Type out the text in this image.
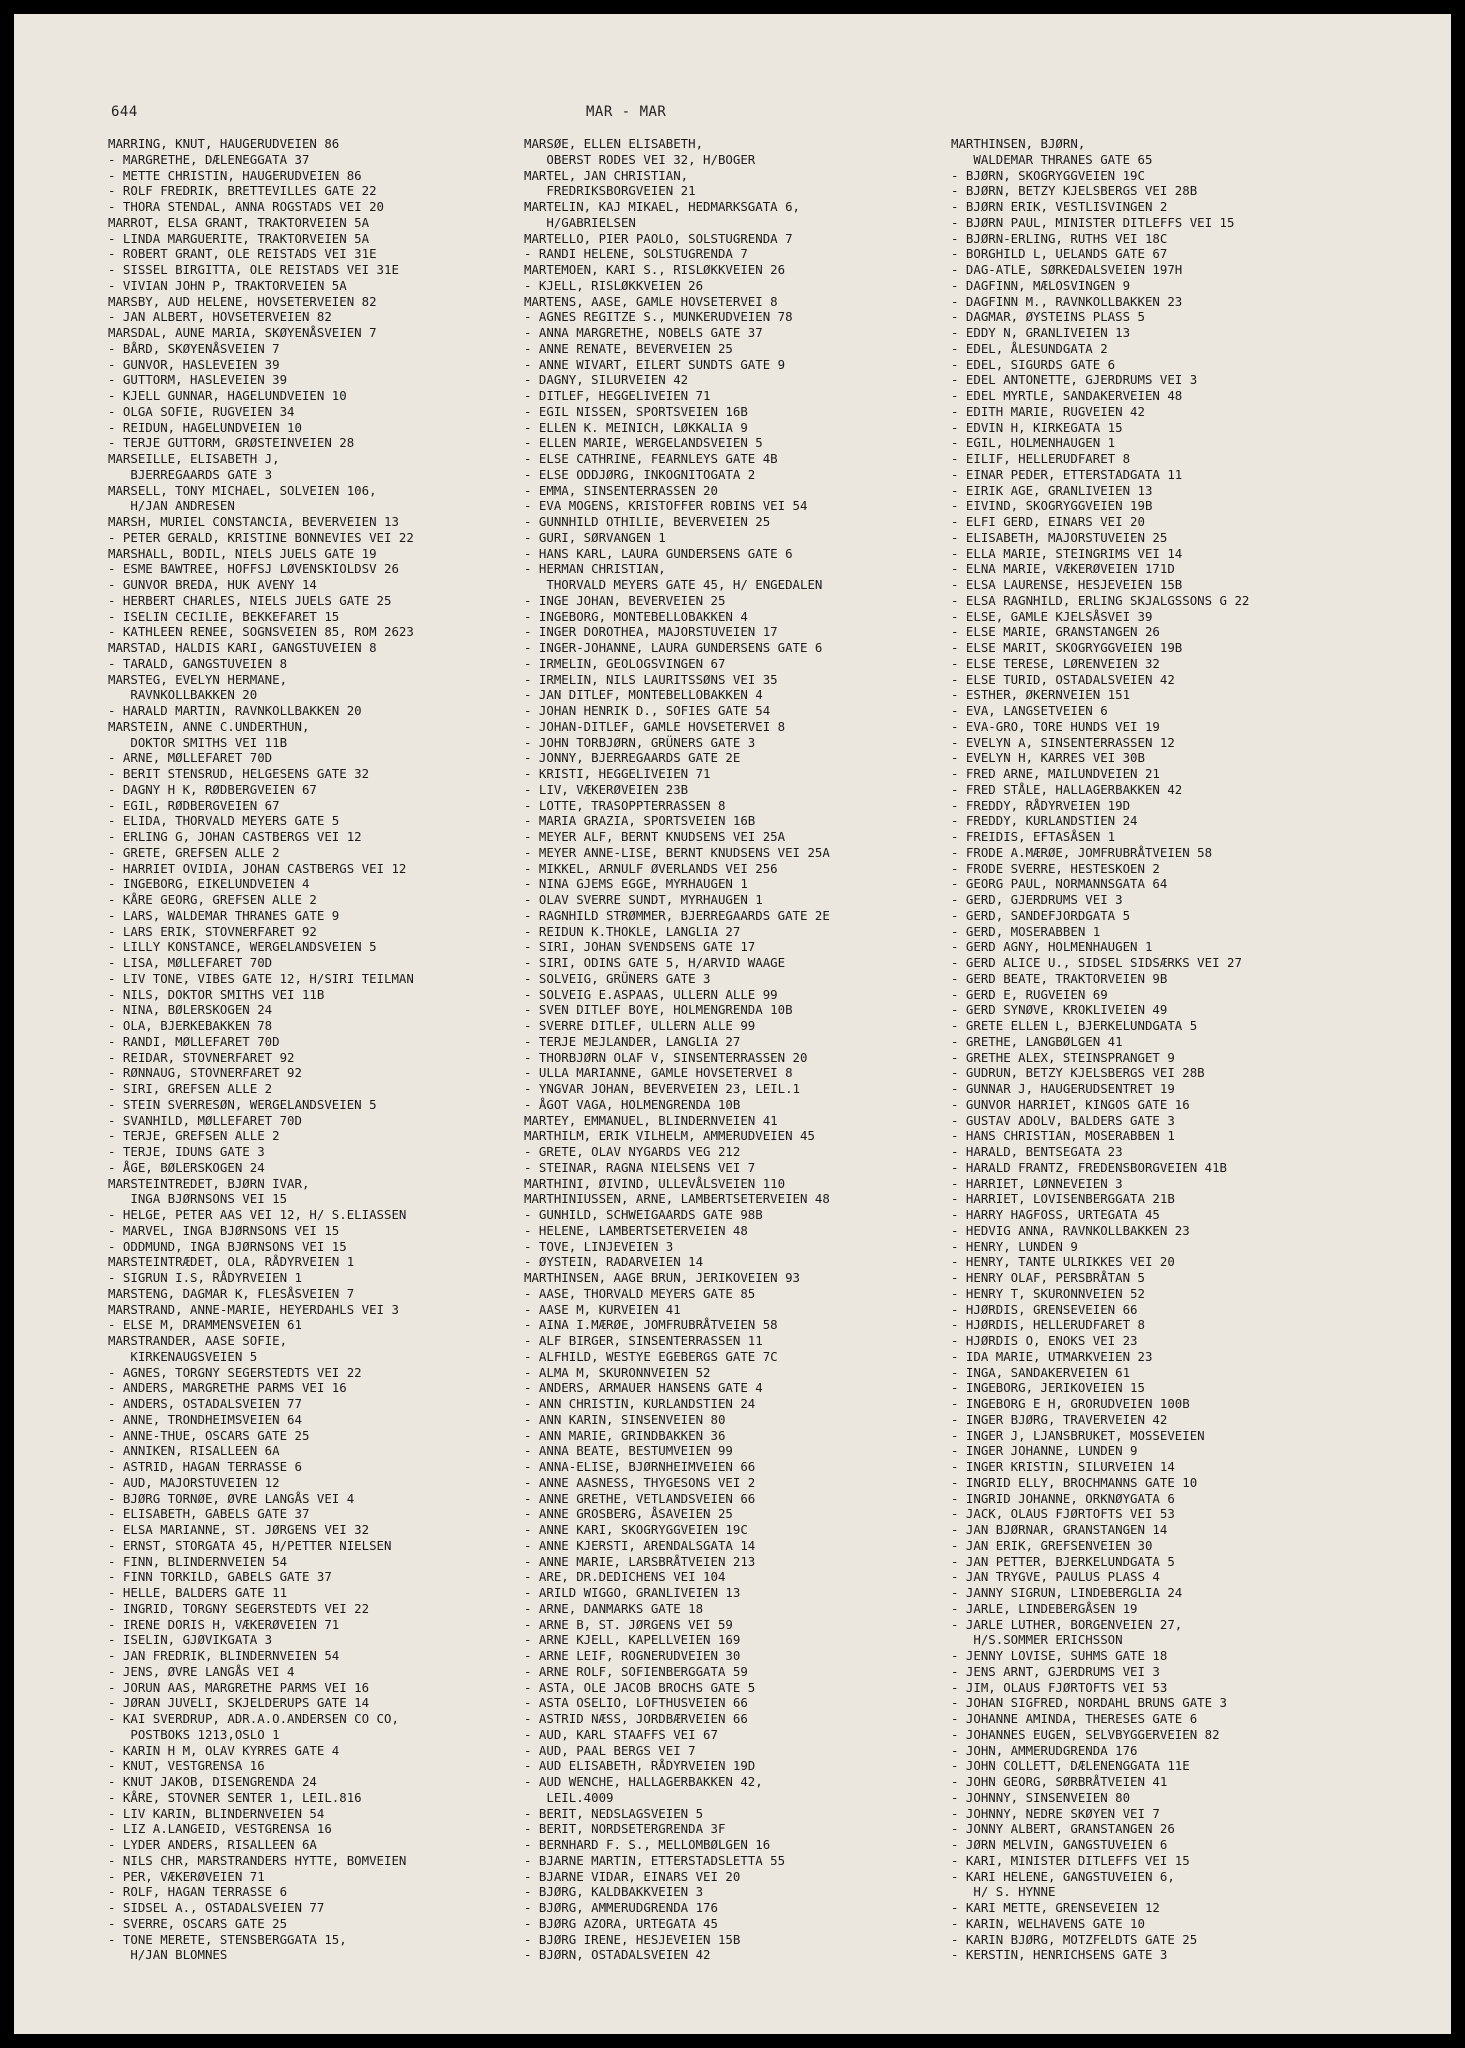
644	MAR - MAR
MARRING, KNUT, HAUGERUDVEIEN 86
- MARGRETHE, DÆLENEGGATA 37
- METTE CHRISTIN, HAUGERUDVEIEN 86
- ROLF FREDRIK, BRETTEVILLES GATE 22
- THORA STENDAL, ANNA ROGSTADS VEI 20
MARROT, ELSA GRANT, TRAKTORVEIEN 5A
- LINDA MARGUERITE, TRAKTORVEIEN 5A
- ROBERT GRANT, OLE REISTADS VEI 31E
- SISSEL BIRGITTA, OLE REISTADS VEI 31E
- VIVIAN JOHN P, TRAKTORVEIEN 5A
MARSBY, AUD HELENE, HOVSETERVEIEN 82
- JAN ALBERT, HOVSETERVEIEN 82
MARSDAL, AUNE MARIA, SKØYENÅSVEIEN 7
- BÅRD, SKØYENÅSVEIEN 7
- GUNVOR, HASLEVEIEN 39
- GUTTORM, HASLEVEIEN 39
- KJELL GUNNAR, HAGELUNDVEIEN 10
- OLGA SOFIE, RUGVEIEN 34
- REIDUN, HAGELUNDVEIEN 10
- TERJE GUTTORM, GRØSTEINVEIEN 28
MARSEILLE, ELISABETH J,
BJERREGAARDS GATE 3
MARSELL, TONY MICHAEL, SOLVEIEN 106,
H/JAN ANDRESEN
MARSH, MURIEL CONSTANCIA, BEVERVEIEN 13
- PETER GERALD, KRISTINE BONNEVIES VEI 22
MARSHALL, BODIL, NIELS JUELS GATE 19
- ESME BAWTREE, HOFFSJ LØVENSKIOLDSV 26
- GUNVOR BREDA, HUK AVENY 14
- HERBERT CHARLES, NIELS JUELS GATE 25
- ISELIN CECILIE, BEKKEFARET 15
- KATHLEEN RENEE, SOGNSVEIEN 85, ROM 2623
MARSTAD, HALDIS KARI, GANGSTUVEIEN 8
- TARALD, GANGSTUVEIEN 8
MARSTEG, EVELYN HERMANE,
RAVNKOLLBAKKEN 20
- HARALD MARTIN, RAVNKOLLBAKKEN 20
MARSTEIN, ANNE C.UNDERTHUN,
DOKTOR SMITHS VEI 11B
- ARNE, MØLLEFARET 70D
- BERIT STENSRUD, HELGESENS GATE 32
- DAGNY H K, RØDBERGVEIEN 67
- EGIL, RØDBERGVEIEN 67
- ELIDA, THORVALD MEYERS GATE 5
- ERLING G, JOHAN CASTBERGS VEI 12
- GRETE, GREFSEN ALLE 2
- HARRIET OVIDIA, JOHAN CASTBERGS VEI 12
- INGEBORG, EIKELUNDVEIEN 4
- KÅRE GEORG, GREFSEN ALLE 2
- LARS, WALDEMAR THRANES GATE 9
- LARS ERIK, STOVNERFARET 92
- LILLY KONSTANCE, WERGELANDSVEIEN 5
- LISA, MØLLEFARET 70D
- LIV TONE, VIBES GATE 12, H/SIRI TEILMAN
- NILS, DOKTOR SMITHS VEI 11B
- NINA, BØLERSKOGEN 24
- OLA, BJERKEBAKKEN 78
- RANDI, MØLLEFARET 70D
- REIDAR, STOVNERFARET 92
- RØNNAUG, STOVNERFARET 92
- SIRI, GREFSEN ALLE 2
- STEIN SVERRESØN, WERGELANDSVEIEN 5
- SVANHILD, MØLLEFARET 70D
- TERJE, GREFSEN ALLE 2
- TERJE, IDUNS GATE 3
- ÅGE, BØLERSKOGEN 24
MARSTEINTREDET, BJØRN IVAR,
INGA BJØRNSONS VEI 15
- HELGE, PETER AAS VEI 12, H/ S.ELIASSEN
- MARVEL, INGA BJØRNSONS VEI 15
- ODDMUND, INGA BJØRNSONS VEI 15
MARSTEINTRÆDET, OLA, RÅDYRVEIEN 1
- SIGRUN I.S, RÅDYRVEIEN 1
MARSTENG, DAGMAR K, FLESÅSVEIEN 7
MARSTRAND, ANNE-MARIE, HEYERDAHLS VEI 3
- ELSE M, DRAMMENSVEIEN 61
MARSTRANDER, AASE SOFIE,
KIRKENAUGSVEIEN 5
- AGNES, TORGNY SEGERSTEDTS VEI 22
- ANDERS, MARGRETHE PARMS VEI 16
- ANDERS, OSTADALSVEIEN 77
- ANNE, TRONDHEIMSVEIEN 64
- ANNE-THUE, OSCARS GATE 25
- ANNIKEN, RISALLEEN 6A
- ASTRID, HAGAN TERRASSE 6
- AUD, MAJORSTUVEIEN 12
- BJØRG TORNØE, ØVRE LANGÅS VEI 4
- ELISABETH, GABELS GATE 37
- ELSA MARIANNE, ST. JØRGENS VEI 32
- ERNST, STORGATA 45, H/PETTER NIELSEN
- FINN, BLINDERNVEIEN 54
- FINN TORKILD, GABELS GATE 37
- HELLE, BALDERS GATE 11
- INGRID, TORGNY SEGERSTEDTS VEI 22
- IRENE DORIS H, VÆKERØVEIEN 71
- ISELIN, GJØVIKGATA 3
- JAN FREDRIK, BLINDERNVEIEN 54
- JENS, ØVRE LANGÅS VEI 4
- JORUN AAS, MARGRETHE PARMS VEI 16
- JØRAN JUVELI, SKJELDERUPS GATE 14
- KAI SVERDRUP, ADR.A.O.ANDERSEN CO CO,
POSTBOKS 1213,OSLO 1
- KARIN H M, OLAV KYRRES GATE 4
- KNUT, VESTGRENSA 16
- KNUT JAKOB, DISENGRENDA 24
- KÅRE, STOVNER SENTER 1, LEIL.816
- LIV KARIN, BLINDERNVEIEN 54
- LIZ A.LANGEID, VESTGRENSA 16
- LYDER ANDERS, RISALLEEN 6A
- NILS CHR, MARSTRANDERS HYTTE, BOMVEIEN
- PER, VÆKERØVEIEN 71
- ROLF, HAGAN TERRASSE 6
- SIDSEL A., OSTADALSVEIEN 77
- SVERRE, OSCARS GATE 25
- TONE MERETE, STENSBERGGATA 15,
H/JAN BLOMNES
MARSØE, ELLEN ELISABETH,
OBERST RODES VEI 32, H/BOGER
MARTEL, JAN CHRISTIAN,
FREDRIKSBORGVEIEN 21
MARTELIN, KAJ MIKAEL, HEDMARKSGATA 6,
H/GABRIELSEN
MARTELLO, PIER PAOLO, SOLSTUGRENDA 7
- RANDI HELENE, SOLSTUGRENDA 7
MARTEMOEN, KARI S., RISLØKKVEIEN 26
- KJELL, RISLØKKVEIEN 26
MARTENS, AASE, GAMLE HOVSETERVEI 8
- AGNES REGITZE S., MUNKERUDVEIEN 78
- ANNA MARGRETHE, NOBELS GATE 37
- ANNE RENATE, BEVERVEIEN 25
- ANNE WIVART, EILERT SUNDTS GATE 9
- DAGNY, SILURVEIEN 42
- DITLEF, HEGGELIVEIEN 71
- EGIL NISSEN, SPORTSVEIEN 16B
- ELLEN K. MEINICH, LØKKALIA 9
- ELLEN MARIE, WERGELANDSVEIEN 5
- ELSE CATHRINE, FEARNLEYS GATE 4B
- ELSE ODDJØRG, INKOGNITOGATA 2
- EMMA, SINSENTERRASSEN 20
- EVA MOGENS, KRISTOFFER ROBINS VEI 54
- GUNNHILD OTHILIE, BEVERVEIEN 25
- GURI, SØRVANGEN 1
- HANS KARL, LAURA GUNDERSENS GATE 6
- HERMAN CHRISTIAN,
THORVALD MEYERS GATE 45, H/ ENGEDALEN
- INGE JOHAN, BEVERVEIEN 25
- INGEBORG, MONTEBELLOBAKKEN 4
- INGER DOROTHEA, MAJORSTUVEIEN 17
- INGER-JOHANNE, LAURA GUNDERSENS GATE 6
- IRMELIN, GEOLOGSVINGEN 67
- IRMELIN, NILS LAURITSSØNS VEI 35
- JAN DITLEF, MONTEBELLOBAKKEN 4
- JOHAN HENRIK D., SOFIES GATE 54
- JOHAN-DITLEF, GAMLE HOVSETERVEI 8
- JOHN TORBJØRN, GRÜNERS GATE 3
- JONNY, BJERREGAARDS GATE 2E
- KRISTI, HEGGELIVEIEN 71
- LIV, VÆKERØVEIEN 23B
- LOTTE, TRASOPPTERRASSEN 8
- MARIA GRAZIA, SPORTSVEIEN 16B
- MEYER ALF, BERNT KNUDSENS VEI 25A
- MEYER ANNE-LISE, BERNT KNUDSENS VEI 25A
- MIKKEL, ARNULF ØVERLANDS VEI 256
- NINA GJEMS EGGE, MYRHAUGEN 1
- OLAV SVERRE SUNDT, MYRHAUGEN 1
- RAGNHILD STRØMMER, BJERREGAARDS GATE 2E
- REIDUN K.THOKLE, LANGLIA 27
- SIRI, JOHAN SVENDSENS GATE 17
- SIRI, ODINS GATE 5, H/ARVID WAAGE
- SOLVEIG, GRÜNERS GATE 3
- SOLVEIG E.ASPAAS, ULLERN ALLE 99
- SVEN DITLEF BOYE, HOLMENGRENDA 10B
- SVERRE DITLEF, ULLERN ALLE 99
- TERJE MEJLANDER, LANGLIA 27
- THORBJØRN OLAF V, SINSENTERRASSEN 20
- ULLA MARIANNE, GAMLE HOVSETERVEI 8
- YNGVAR JOHAN, BEVERVEIEN 23, LEIL.1
- ÅGOT VAGA, HOLMENGRENDA 10B
MARTEY, EMMANUEL, BLINDERNVEIEN 41
MARTHILM, ERIK VILHELM, AMMERUDVEIEN 45
- GRETE, OLAV NYGARDS VEG 212
- STEINAR, RAGNA NIELSENS VEI 7
MARTHINI, ØIVIND, ULLEVÅLSVEIEN 110
MARTHINIUSSEN, ARNE, LAMBERTSETERVEIEN 48
- GUNHILD, SCHWEIGAARDS GATE 98B
- HELENE, LAMBERTSETERVEIEN 48
- TOVE, LINJEVEIEN 3
- ØYSTEIN, RADARVEIEN 14
MARTHINSEN, AAGE BRUN, JERIKOVEIEN 93
- AASE, THORVALD MEYERS GATE 85
- AASE M, KURVEIEN 41
- AINA I.MÆRØE, JOMFRUBRÅTVEIEN 58
- ALF BIRGER, SINSENTERRASSEN 11
- ALFHILD, WESTYE EGEBERGS GATE 7C
- ALMA M, SKURONNVEIEN 52
- ANDERS, ARMAUER HANSENS GATE 4
- ANN CHRISTIN, KURLANDSTIEN 24
- ANN KARIN, SINSENVEIEN 80
- ANN MARIE, GRINDBAKKEN 36
- ANNA BEATE, BESTUMVEIEN 99
- ANNA-ELISE, BJØRNHEIMVEIEN 66
- ANNE AASNESS, THYGESONS VEI 2
- ANNE GRETHE, VETLANDSVEIEN 66
- ANNE GROSBERG, ÅSAVEIEN 25
- ANNE KARI, SKOGRYGGVEIEN 19C
- ANNE KJERSTI, ARENDALSGATA 14
- ANNE MARIE, LARSBRÅTVEIEN 213
- ARE, DR.DEDICHENS VEI 104
- ARILD WIGGO, GRANLIVEIEN 13
- ARNE, DANMARKS GATE 18
- ARNE B, ST. JØRGENS VEI 59
- ARNE KJELL, KAPELLVEIEN 169
- ARNE LEIF, ROGNERUDVEIEN 30
- ARNE ROLF, SOFIENBERGGATA 59
- ASTA, OLE JACOB BROCHS GATE 5
- ASTA OSELIO, LOFTHUSVEIEN 66
- ASTRID NÆSS, JORDBÆRVEIEN 66
- AUD, KARL STAAFFS VEI 67
- AUD, PAAL BERGS VEI 7
- AUD ELISABETH, RÅDYRVEIEN 19D
- AUD WENCHE, HALLAGERBAKKEN 42,
LEIL.4009
- BERIT, NEDSLAGSVEIEN 5
- BERIT, NORDSETERGRENDA 3F
- BERNHARD F. S., MELLOMBØLGEN 16
- BJARNE MARTIN, ETTERSTADSLETTA 55
- BJARNE VIDAR, EINARS VEI 20
- BJØRG, KALDBAKKVEIEN 3
- BJØRG, AMMERUDGRENDA 176
- BJØRG AZORA, URTEGATA 45
- BJØRG IRENE, HESJEVEIEN 15B
- BJØRN, OSTADALSVEIEN 42
MARTHINSEN, BJØRN,
WALDEMAR THRANES GATE 65
- BJØRN, SKOGRYGGVEIEN 19C
- BJØRN, BETZY KJELSBERGS VEI 28B
- BJØRN ERIK, VESTLISVINGEN 2
- BJØRN PAUL, MINISTER DITLEFFS VEI 15
- BJØRN-ERLING, RUTHS VEI 18C
- BORGHILD L, UELANDS GATE 67
- DAG-ATLE, SØRKEDALSVEIEN 197H
- DAGFINN, MÆLOSVINGEN 9
- DAGFINN M., RAVNKOLLBAKKEN 23
- DAGMAR, ØYSTEINS PLASS 5
- EDDY N, GRANLIVEIEN 13
- EDEL, ÅLESUNDGATA 2
- EDEL, SIGURDS GATE 6
- EDEL ANTONETTE, GJERDRUMS VEI 3
- EDEL MYRTLE, SANDAKERVEIEN 48
- EDITH MARIE, RUGVEIEN 42
- EDVIN H, KIRKEGATA 15
- EGIL, HOLMENHAUGEN 1
- EILIF, HELLERUDFARET 8
- EINAR PEDER, ETTERSTADGATA 11
- EIRIK AGE, GRANLIVEIEN 13
- EIVIND, SKOGRYGGVEIEN 19B
- ELFI GERD, EINARS VEI 20
- ELISABETH, MAJORSTUVEIEN 25
- ELLA MARIE, STEINGRIMS VEI 14
- ELNA MARIE, VÆKERØVEIEN 171D
- ELSA LAURENSE, HESJEVEIEN 15B
- ELSA RAGNHILD, ERLING SKJALGSSONS G 22
- ELSE, GAMLE KJELSÅSVEI 39
- ELSE MARIE, GRANSTANGEN 26
- ELSE MARIT, SKOGRYGGVEIEN 19B
- ELSE TERESE, LØRENVEIEN 32
- ELSE TURID, OSTADALSVEIEN 42
- ESTHER, ØKERNVEIEN 151
- EVA, LANGSETVEIEN 6
- EVA-GRO, TORE HUNDS VEI 19
- EVELYN A, SINSENTERRASSEN 12
- EVELYN H, KARRES VEI 30B
- FRED ARNE, MAILUNDVEIEN 21
- FRED STÅLE, HALLAGERBAKKEN 42
- FREDDY, RÅDYRVEIEN 19D
- FREDDY, KURLANDSTIEN 24
- FREIDIS, EFTASÅSEN 1
- FRODE A.MÆRØE, JOMFRUBRÅTVEIEN 58
- FRODE SVERRE, HESTESKOEN 2
- GEORG PAUL, NORMANNSGATA 64
- GERD, GJERDRUMS VEI 3
- GERD, SANDEFJORDGATA 5
- GERD, MOSERABBEN 1
- GERD AGNY, HOLMENHAUGEN 1
- GERD ALICE U., SIDSEL SIDSÆRKS VEI 27
- GERD BEATE, TRAKTORVEIEN 9B
- GERD E, RUGVEIEN 69
- GERD SYNØVE, KROKLIVEIEN 49
- GRETE ELLEN L, BJERKELUNDGATA 5
- GRETHE, LANGBØLGEN 41
- GRETHE ALEX, STEINSPRANGET 9
- GUDRUN, BETZY KJELSBERGS VEI 28B
- GUNNAR J, HAUGERUDSENTRET 19
- GUNVOR HARRIET, KINGOS GATE 16
- GUSTAV ADOLV, BALDERS GATE 3
- HANS CHRISTIAN, MOSERABBEN 1
- HARALD, BENTSEGATA 23
- HARALD FRANTZ, FREDENSBORGVEIEN 41B
- HARRIET, LØNNEVEIEN 3
- HARRIET, LOVISENBERGGATA 21B
- HARRY HAGFOSS, URTEGATA 45
- HEDVIG ANNA, RAVNKOLLBAKKEN 23
- HENRY, LUNDEN 9
- HENRY, TANTE ULRIKKES VEI 20
- HENRY OLAF, PERSBRÅTAN 5
- HENRY T, SKURONNVEIEN 52
- HJØRDIS, GRENSEVEIEN 66
- HJØRDIS, HELLERUDFARET 8
- HJØRDIS O, ENOKS VEI 23
- IDA MARIE, UTMARKVEIEN 23
- INGA, SANDAKERVEIEN 61
- INGEBORG, JERIKOVEIEN 15
- INGEBORG E H, GRORUDVEIEN 100B
- INGER BJØRG, TRAVERVEIEN 42
- INGER J, LJANSBRUKET, MOSSEVEIEN
- INGER JOHANNE, LUNDEN 9
- INGER KRISTIN, SILURVEIEN 14
- INGRID ELLY, BROCHMANNS GATE 10
- INGRID JOHANNE, ORKNØYGATA 6
- JACK, OLAUS FJØRTOFTS VEI 53
- JAN BJØRNAR, GRANSTANGEN 14
- JAN ERIK, GREFSENVEIEN 30
- JAN PETTER, BJERKELUNDGATA 5
- JAN TRYGVE, PAULUS PLASS 4
- JANNY SIGRUN, LINDEBERGLIA 24
- JARLE, LINDEBERGÅSEN 19
- JARLE LUTHER, BORGENVEIEN 27,
H/S.SOMMER ERICHSSON
- JENNY LOVISE, SUHMS GATE 18
- JENS ARNT, GJERDRUMS VEI 3
- JIM, OLAUS FJØRTOFTS VEI 53
- JOHAN SIGFRED, NORDAHL BRUNS GATE 3
- JOHANNE AMINDA, THERESES GATE 6
- JOHANNES EUGEN, SELVBYGGERVEIEN 82
- JOHN, AMMERUDGRENDA 176
- JOHN COLLETT, DÆLENENGGATA 11E
- JOHN GEORG, SØRBRÅTVEIEN 41
- JOHNNY, SINSENVEIEN 80
- JOHNNY, NEDRE SKØYEN VEI 7
- JONNY ALBERT, GRANSTANGEN 26
- JØRN MELVIN, GANGSTUVEIEN 6
- KARI, MINISTER DITLEFFS VEI 15
- KARI HELENE, GANGSTUVEIEN 6,
H/ S. HYNNE
- KARI METTE, GRENSEVEIEN 12
- KARIN, WELHAVENS GATE 10
- KARIN BJØRG, MOTZFELDTS GATE 25
- KERSTIN, HENRICHSENS GATE 3
